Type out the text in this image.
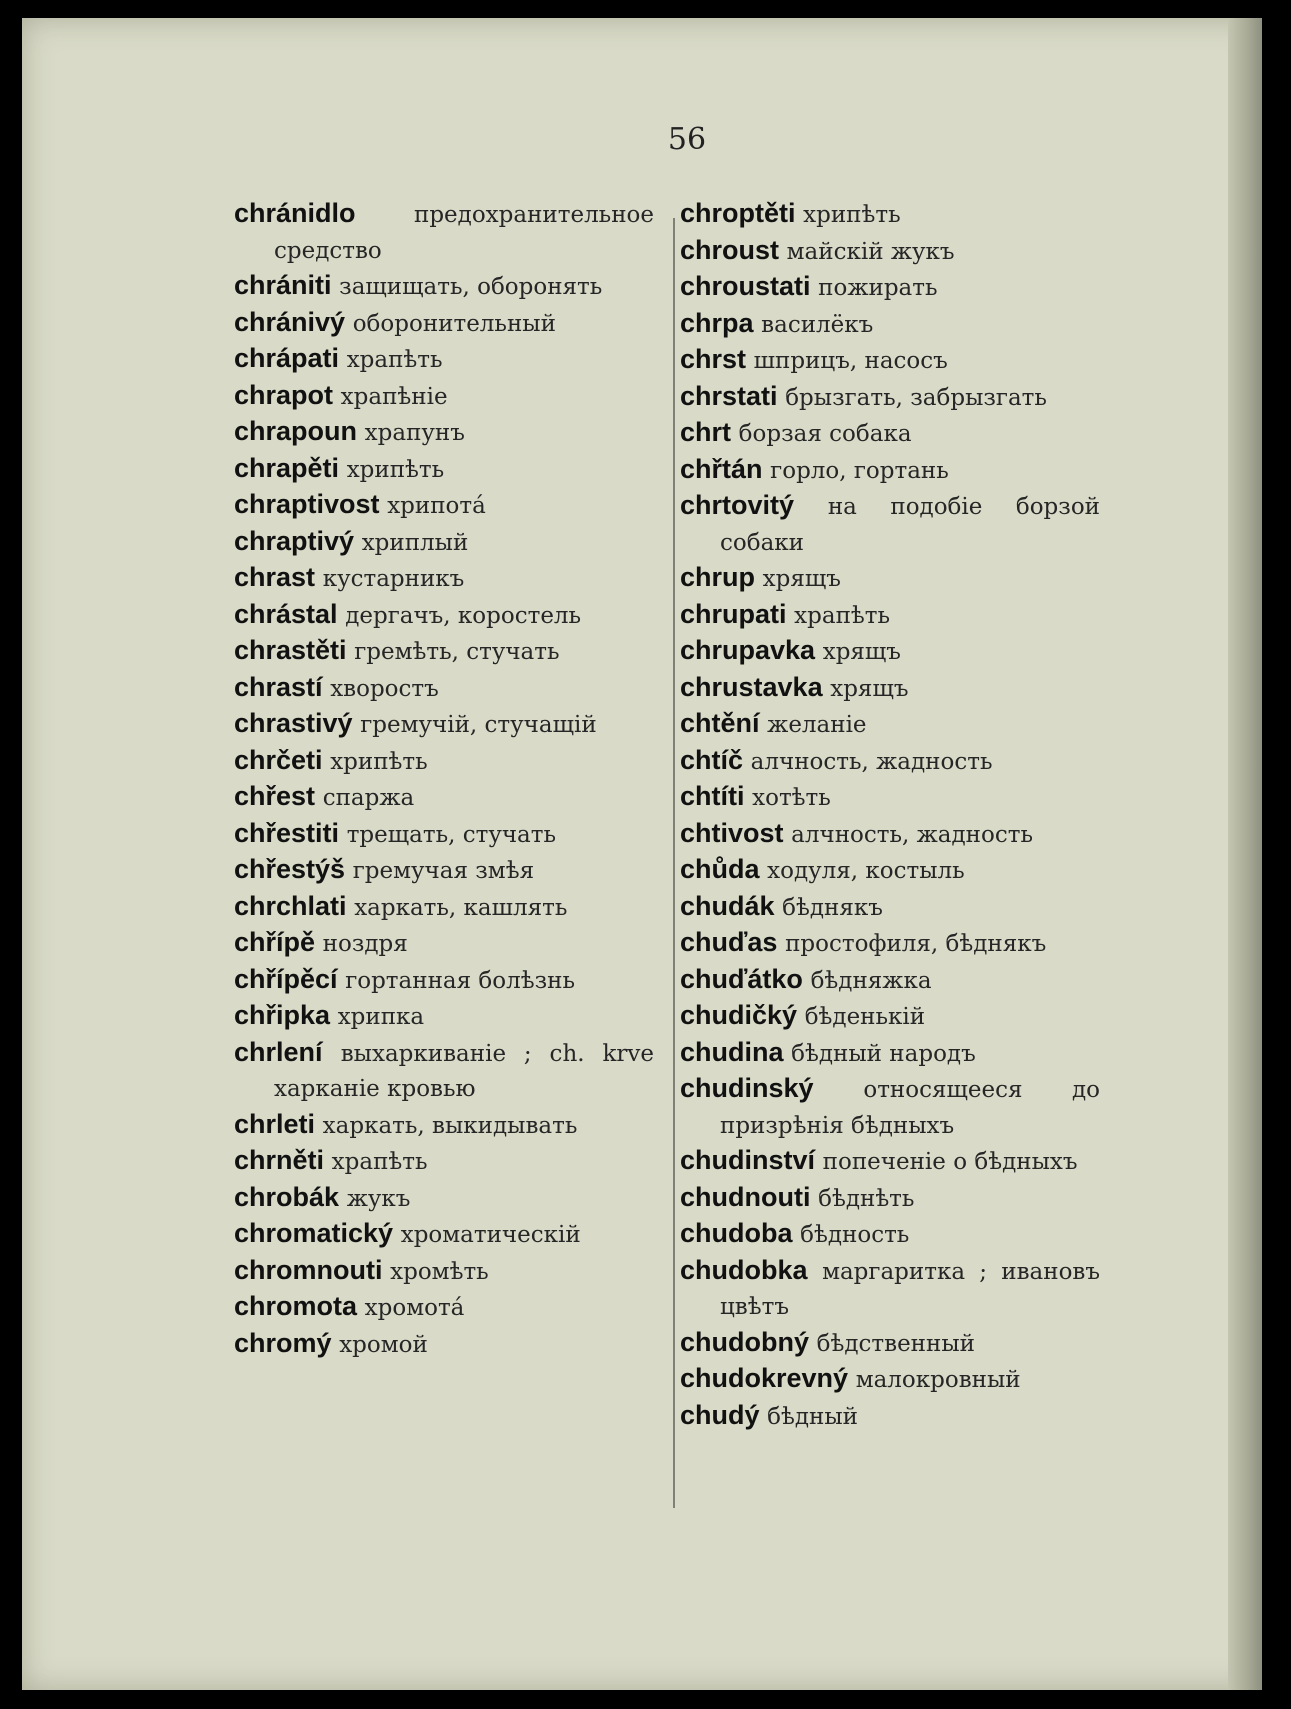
56
chránidlo	предохранительное средство
chrániti защищать, оборонять
chránivý оборонительный
chrápati храпѣть
chrapot храпѣніе
chrapoun храпунъ
chrapěti хрипѣть
chraptivost хрипота́
chraptivý хриплый
chrast кустарникъ
chrástal дергачъ, коростель
chrastěti гремѣть, стучать
chrastí хворостъ
chrastivý гремучій, стучащій
chrčeti хрипѣть
chřest спаржа
chřestiti трещать, стучать
chřestýš гремучая змѣя
chrchlati харкать, кашлять
chřípě ноздря
chřípěcí гортанная болѣзнь
chřipka хрипка
chrlení выхаркиваніе ; ch. krve харканіе кровью
chrleti харкать, выкидывать
chrněti храпѣть
chrobák жукъ
chromatický хроматическій
chromnouti хромѣть
chromota хромота́
chromý хромой
chroptěti хрипѣть
chroust майскій жукъ
chroustati пожирать
chrpa василёкъ
chrst шприцъ, насосъ
chrstati брызгать, забрызгать
chrt борзая собака
chřtán горло, гортань
chrtovitý на подобіе борзой собаки
chrup хрящъ
chrupati храпѣть
chrupavka хрящъ
chrustavka хрящъ
chtění желаніе
chtíč алчность, жадность
chtíti хотѣть
chtivost алчность, жадность
chůda ходуля, костыль
chudák бѣднякъ
chuďas простофиля, бѣднякъ
chuďátko бѣдняжка
chudičký бѣденькій
chudina бѣдный народъ
chudinský относящееся до призрѣнія бѣдныхъ
chudinství попеченіе о бѣдныхъ
chudnouti бѣднѣть
chudoba бѣдность
chudobka маргаритка ; ивановъ цвѣтъ
chudobný бѣдственный
chudokrevný малокровный
chudý бѣдный
